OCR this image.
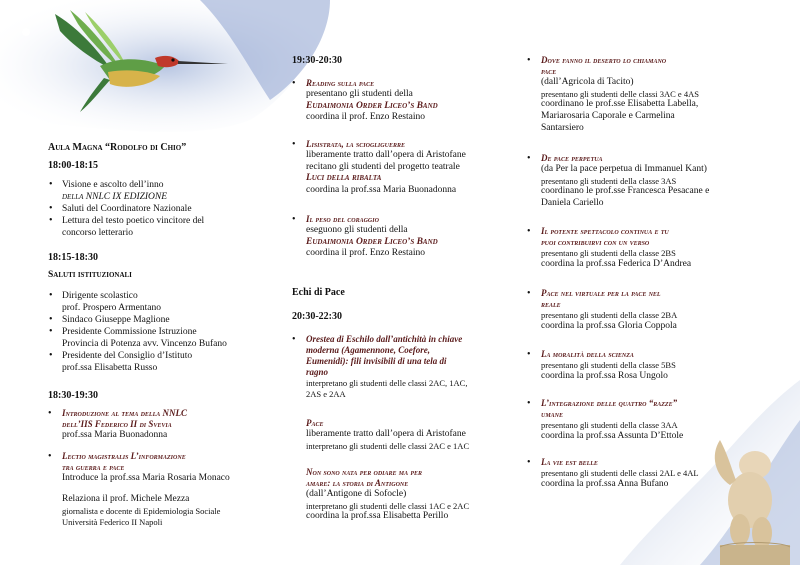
Aula Magna “Rodolfo di Chio”
18:00-18:15
• Visione e ascolto dell’inno
della NNLC IX EDIZIONE
• Saluti del Coordinatore Nazionale
• Lettura del testo poetico vincitore del
concorso letterario
18:15-18:30
Saluti istituzionali
• Dirigente scolastico
prof. Prospero Armentano
• Sindaco Giuseppe Maglione
• Presidente Commissione Istruzione
Provincia di Potenza avv. Vincenzo Bufano
• Presidente del Consiglio d’Istituto
prof.ssa Elisabetta Russo
18:30-19:30
• Introduzione al tema della NNLC
dell’IIS Federico II di Svevia
prof.ssa Maria Buonadonna
• Lectio magistralis L’informazione
tra guerra e pace
Introduce la prof.ssa Maria Rosaria Monaco
Relaziona il prof. Michele Mezza
giornalista e docente di Epidemiologia Sociale
Università Federico II Napoli
19:30-20:30
• Reading sulla pace
presentano gli studenti della
Eudaimonia Order Liceo’s Band
coordina il prof. Enzo Restaino
• Lisistrata, la sciogliguerre
liberamente tratto dall’opera di Aristofane
recitano gli studenti del progetto teatrale
Luci della ribalta
coordina la prof.ssa Maria Buonadonna
• Il peso del coraggio
eseguono gli studenti della
Eudaimonia Order Liceo’s Band
coordina il prof. Enzo Restaino
Echi di Pace
20:30-22:30
• Orestea di Eschilo dall’antichità in chiave
moderna (Agamennone, Coefore,
Eumenidi): fili invisibili di una tela di
ragno
interpretano gli studenti delle classi 2AC, 1AC,
2AS e 2AA
Pace
liberamente tratto dall’opera di Aristofane
interpretano gli studenti delle classi 2AC e 1AC
Non sono nata per odiare ma per
amare: la storia di Antigone
(dall’Antigone di Sofocle)
interpretano gli studenti delle classi 1AC e 2AC
coordina la prof.ssa Elisabetta Perillo
• Dove fanno il deserto lo chiamano
pace
(dall’Agricola di Tacito)
presentano gli studenti delle classi 3AC e 4AS
coordinano le prof.sse Elisabetta Labella,
Mariarosaria Caporale e Carmelina
Santarsiero
• De pace perpetua
(da Per la pace perpetua di Immanuel Kant)
presentano gli studenti della classe 3AS
coordinano le prof.sse Francesca Pesacane e
Daniela Cariello
• Il potente spettacolo continua e tu
puoi contribuirvi con un verso
presentano gli studenti della classe 2BS
coordina la prof.ssa Federica D’Andrea
• Pace nel virtuale per la pace nel
reale
presentano gli studenti della classe 2BA
coordina la prof.ssa Gloria Coppola
• La moralità della scienza
presentano gli studenti della classe 5BS
coordina la prof.ssa Rosa Ungolo
• L’integrazione delle quattro “razze”
umane
presentano gli studenti della classe 3AA
coordina la prof.ssa Assunta D’Ettole
• La vie est belle
presentano gli studenti delle classi 2AL e 4AL
coordina la prof.ssa Anna Bufano
